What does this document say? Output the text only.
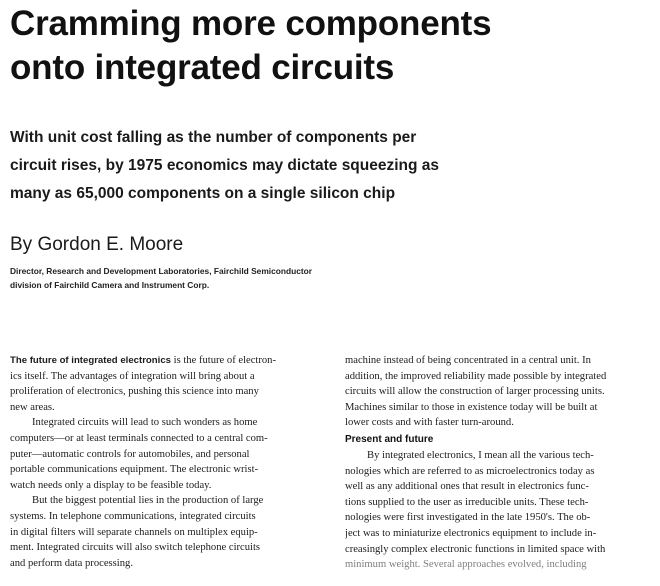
Cramming more components
onto integrated circuits
With unit cost falling as the number of components per
circuit rises, by 1975 economics may dictate squeezing as
many as 65,000 components on a single silicon chip
By Gordon E. Moore
Director, Research and Development Laboratories, Fairchild Semiconductor
division of Fairchild Camera and Instrument Corp.
The future of integrated electronics is the future of electron-
ics itself. The advantages of integration will bring about a
proliferation of electronics, pushing this science into many
new areas.
Integrated circuits will lead to such wonders as home
computers—or at least terminals connected to a central com-
puter—automatic controls for automobiles, and personal
portable communications equipment. The electronic wrist-
watch needs only a display to be feasible today.
But the biggest potential lies in the production of large
systems. In telephone communications, integrated circuits
in digital filters will separate channels on multiplex equip-
ment. Integrated circuits will also switch telephone circuits
and perform data processing.
machine instead of being concentrated in a central unit. In
addition, the improved reliability made possible by integrated
circuits will allow the construction of larger processing units.
Machines similar to those in existence today will be built at
lower costs and with faster turn-around.
Present and future
By integrated electronics, I mean all the various tech-
nologies which are referred to as microelectronics today as
well as any additional ones that result in electronics func-
tions supplied to the user as irreducible units. These tech-
nologies were first investigated in the late 1950's. The ob-
ject was to miniaturize electronics equipment to include in-
creasingly complex electronic functions in limited space with
minimum weight. Several approaches evolved, including
